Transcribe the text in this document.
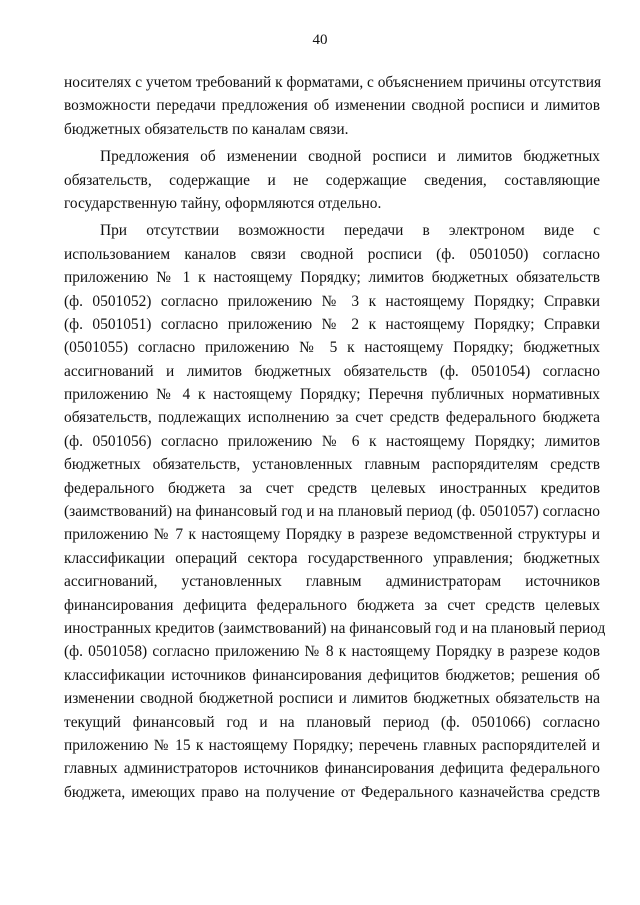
40
носителях с учетом требований к форматами, с объяснением причины отсутствия
возможности передачи предложения об изменении сводной росписи и лимитов
бюджетных обязательств по каналам связи.
Предложения об изменении сводной росписи и лимитов бюджетных
обязательств, содержащие и не содержащие сведения, составляющие
государственную тайну, оформляются отдельно.
При отсутствии возможности передачи в электроном виде с
использованием каналов связи сводной росписи (ф. 0501050) согласно
приложению № 1 к настоящему Порядку; лимитов бюджетных обязательств
(ф. 0501052) согласно приложению № 3 к настоящему Порядку; Справки
(ф. 0501051) согласно приложению № 2 к настоящему Порядку; Справки
(0501055) согласно приложению № 5 к настоящему Порядку; бюджетных
ассигнований и лимитов бюджетных обязательств (ф. 0501054) согласно
приложению № 4 к настоящему Порядку; Перечня публичных нормативных
обязательств, подлежащих исполнению за счет средств федерального бюджета
(ф. 0501056) согласно приложению № 6 к настоящему Порядку; лимитов
бюджетных обязательств, установленных главным распорядителям средств
федерального бюджета за счет средств целевых иностранных кредитов
(заимствований) на финансовый год и на плановый период (ф. 0501057) согласно
приложению № 7 к настоящему Порядку в разрезе ведомственной структуры и
классификации операций сектора государственного управления; бюджетных
ассигнований, установленных главным администраторам источников
финансирования дефицита федерального бюджета за счет средств целевых
иностранных кредитов (заимствований) на финансовый год и на плановый период
(ф. 0501058) согласно приложению № 8 к настоящему Порядку в разрезе кодов
классификации источников финансирования дефицитов бюджетов; решения об
изменении сводной бюджетной росписи и лимитов бюджетных обязательств на
текущий финансовый год и на плановый период (ф. 0501066) согласно
приложению № 15 к настоящему Порядку; перечень главных распорядителей и
главных администраторов источников финансирования дефицита федерального
бюджета, имеющих право на получение от Федерального казначейства средств
